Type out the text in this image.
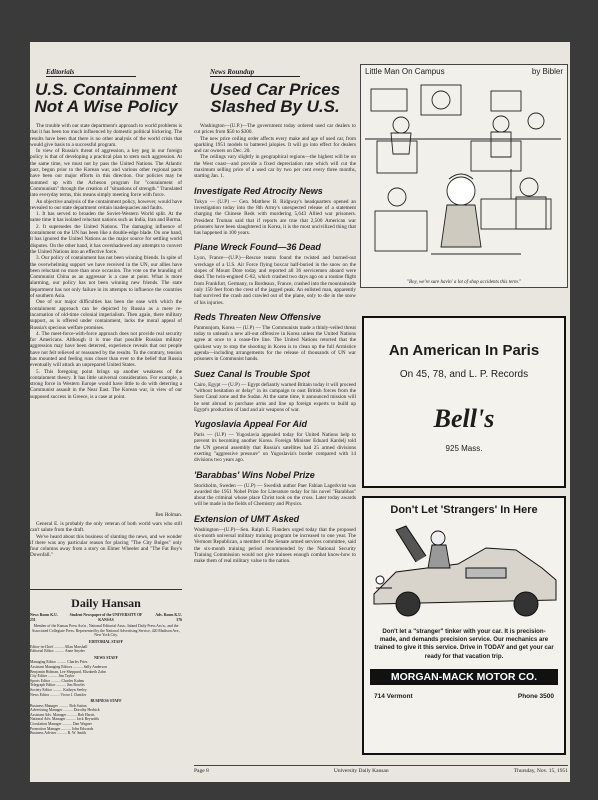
Editorials
U.S. Containment Not A Wise Policy
The trouble with our state department's approach to world problems is that it has been too much influenced by domestic political bickering. The results have been that there is no other analysis of the world crisis that would give basis to a successful program.
In view of Russia's threat of aggression, a key peg in our foreign policy is that of developing a practical plan to stem such aggression. At the same time, we must not by pass the United Nations. The Atlantic pact, begun prior to the Korean war, and various other regional pacts have been our major efforts in this direction. Our policies may be summed up with the Acheson program for "containment of Communism" through the creation of "situations of strength." Translated into everyday terms, this means simply meeting force with force.
An objective analysis of the containment policy, however, would have revealed to our state department certain inadequacies and faults.
1. It has served to broaden the Soviet-Western World split. At the same time it has isolated reluctant nations such as India, Iran and Burma.
2. It supersedes the United Nations. The damaging influence of containment on the UN has been like a double-edge blade. On one hand, it has ignored the United Nations as the major source for settling world disputes. On the other hand, it has overshadowed any attempts to convert the United Nations into an effective force.
3. Our policy of containment has not been winning friends. In spite of the overwhelming support we have received in the UN, our allies have been reluctant no more than once occasion. The vote on the branding of Communist China as an aggressor is a case at point. What is more alarming, our policy has not been winning new friends. The state department has not only failure in its attempts to influence the countries of southern Asia.
One of our major difficulties has been the ease with which the containment approach can be depicted by Russia as a mere re-incarnation of old-time colonial imperialism. Then again, there military support, as is offered under containment, lacks the moral appeal of Russia's specious welfare promises.
4. The meet-force-with-force approach does not provide real security for Americans. Although it is true that possible Russian military aggression may have been deterred, experience reveals that our people have not felt relieved or reassured by the results. To the contrary, tension has mounted and feeling runs closer than ever to the belief that Russia eventually will attack an unprepared United States.
5. This foregoing point brings up another weakness of the containment theory. It has little universal consideration. For example, a strong force in Western Europe would have little to do with deterring a Communist assault in the Near East. The Korean war, in view of our supposed success in Greece, is a case at point.
Ben Holman.
General E. is probably the only veteran of both world wars who still can't salute from the draft.
We've heard about this business of slanting the news, and we wonder if there was any particular reason for placing "The City Bulges" only four columns away from a story on Elmer Wheeler and "The Fat Boy's Downfall."
Daily Hansan
News Room K.U. 251
Student Newspaper of the UNIVERSITY OF KANSAS
Adv. Room K.U. 376
Member of the Kansas Press Ass'n., National Editorial Assn., Inland Daily Press Ass'n., and the Associated Collegiate Press. Represented by the National Advertising Service, 420 Madison Ave., New York City.
EDITORIAL STAFF
Editor-in-Chief .......... Allan Marshall
Editorial Editor .......... Anne Snyder
NEWS STAFF
Managing Editor .......... Charles Pries
Assistant Managing Editors .......... Sally Anderson
Benjamin Holman, Lee Sheppard, Elizabeth Zahn
City Editor .......... Jim Taylor
Sports Editor .......... Charles Kuhns
Telegraph Editor .......... Jim Bowles
Society Editor .......... Kathryn Seeley
News Editor .......... Victor J. Danilov
BUSINESS STAFF
Business Manager .......... Bob Sutton
Advertising Manager .......... Dorothy Hedrick
Assistant Adv. Manager .......... Bob Harris
National Adv. Manager .......... Jack Reynolds
Circulation Manager .......... Dan Wagner
Promotion Manager .......... John Edwards
Business Adviser .......... R. W. Smith
News Roundup
Used Car Prices Slashed By U.S.
Washington—(U.P.)—The government today ordered used car dealers to cut prices from $50 to $300.
The new price ceiling order affects every make and age of used car, from sparkling 1951 models to battered jalopies. It will go into effect for dealers and car owners on Dec. 20.
The ceilings vary slightly in geographical regions—the highest will be on the West coast—and provide a fixed depreciation rate which will cut the maximum selling price of a used car by two per cent every three months, starting Jan. 1.
Investigate Red Atrocity News
Tokyo — (U.P) — Gen. Matthew B. Ridgway's headquarters opened an investigation today into the 8th Army's unexpected release of a statement charging the Chinese Reds with murdering 5,643 Allied war prisoners. President Truman said that if reports are true that 2,500 American war prisoners have been slaughtered in Korea, it is the most uncivilized thing that has happened in 100 years.
Plane Wreck Found—36 Dead
Lyon, France—(U.P.)—Rescue teams found the twisted and burned-out wreckage of a U.S. Air Force flying boxcar half-buried in the snow on the slopes of Mount Dore today and reported all 36 servicemen aboard were dead. The twin-engined C-82, which crashed two days ago on a routine flight from Frankfurt, Germany, to Bordeaux, France, crashed into the mountainside only 150 feet from the crest of the jagged peak. An enlisted man, apparently had survived the crash and crawled out of the plane, only to die in the snow of his injuries.
Reds Threaten New Offensive
Panmunjom, Korea — (U.P) — The Communists made a thinly-veiled threat today to unleash a new all-out offensive in Korea unless the United Nations agree at once to a cease-fire line. The United Nations retorted that the quickest way to stop the shooting in Korea is to clean up the full Armistice agenda—including arrangements for the release of thousands of UN war prisoners in Communist hands.
Suez Canal Is Trouble Spot
Cairo, Egypt — (U.P) — Egypt defiantly warned Britain today it will proceed "without hesitation or delay" in its campaign to oust British forces from the Suez Canal zone and the Sudan. At the same time, it announced mission will be sent abroad to purchase arms and line up foreign experts to build up Egypt's production of land and air weapons of war.
Yugoslavia Appeal For Aid
Paris — (U.P) — Yugoslavia appealed today for United Nations help to prevent its becoming another Korea. Foreign Minister Eduard Kardelj told the UN general assembly that Russia's satellites had 25 armed divisions exerting "aggressive pressure" on Yugoslavia's border compared with 14 divisions two years ago.
'Barabbas' Wins Nobel Prize
Stockholm, Sweden — (U.P) — Swedish author Paer Fabian Lagerkvist was awarded the 1951 Nobel Prize for Literature today for his novel "Barabbas" about the criminal whose place Christ took on the cross. Later today awards will be made in the fields of Chemistry and Physics.
Extension of UMT Asked
Washington—(U.P)—Sen. Ralph E. Flanders urged today that the proposed six-month universal military training program be increased to one year. The Vermont Republican, a member of the Senate armed services committee, said the six-month training period recommended by the National Security Training Commission would not give trainees enough combat know-how to make them of real military value to the nation.
Little Man On Campus	by Bibler
"Boy, we're sure havin' a lot of shop accidents this term."
An American In Paris
On 45, 78, and L. P. Records
Bell's
925 Mass.
Don't Let 'Strangers' In Here
Don't let a "stranger" tinker with your car. It is precision-made, and demands precision service. Our mechanics are trained to give it this service. Drive in TODAY and get your car ready for that vacation trip.
MORGAN-MACK MOTOR CO.
714 Vermont	Phone 3500
Page 8	University Daily Kansan	Thursday, Nov. 15, 1951
